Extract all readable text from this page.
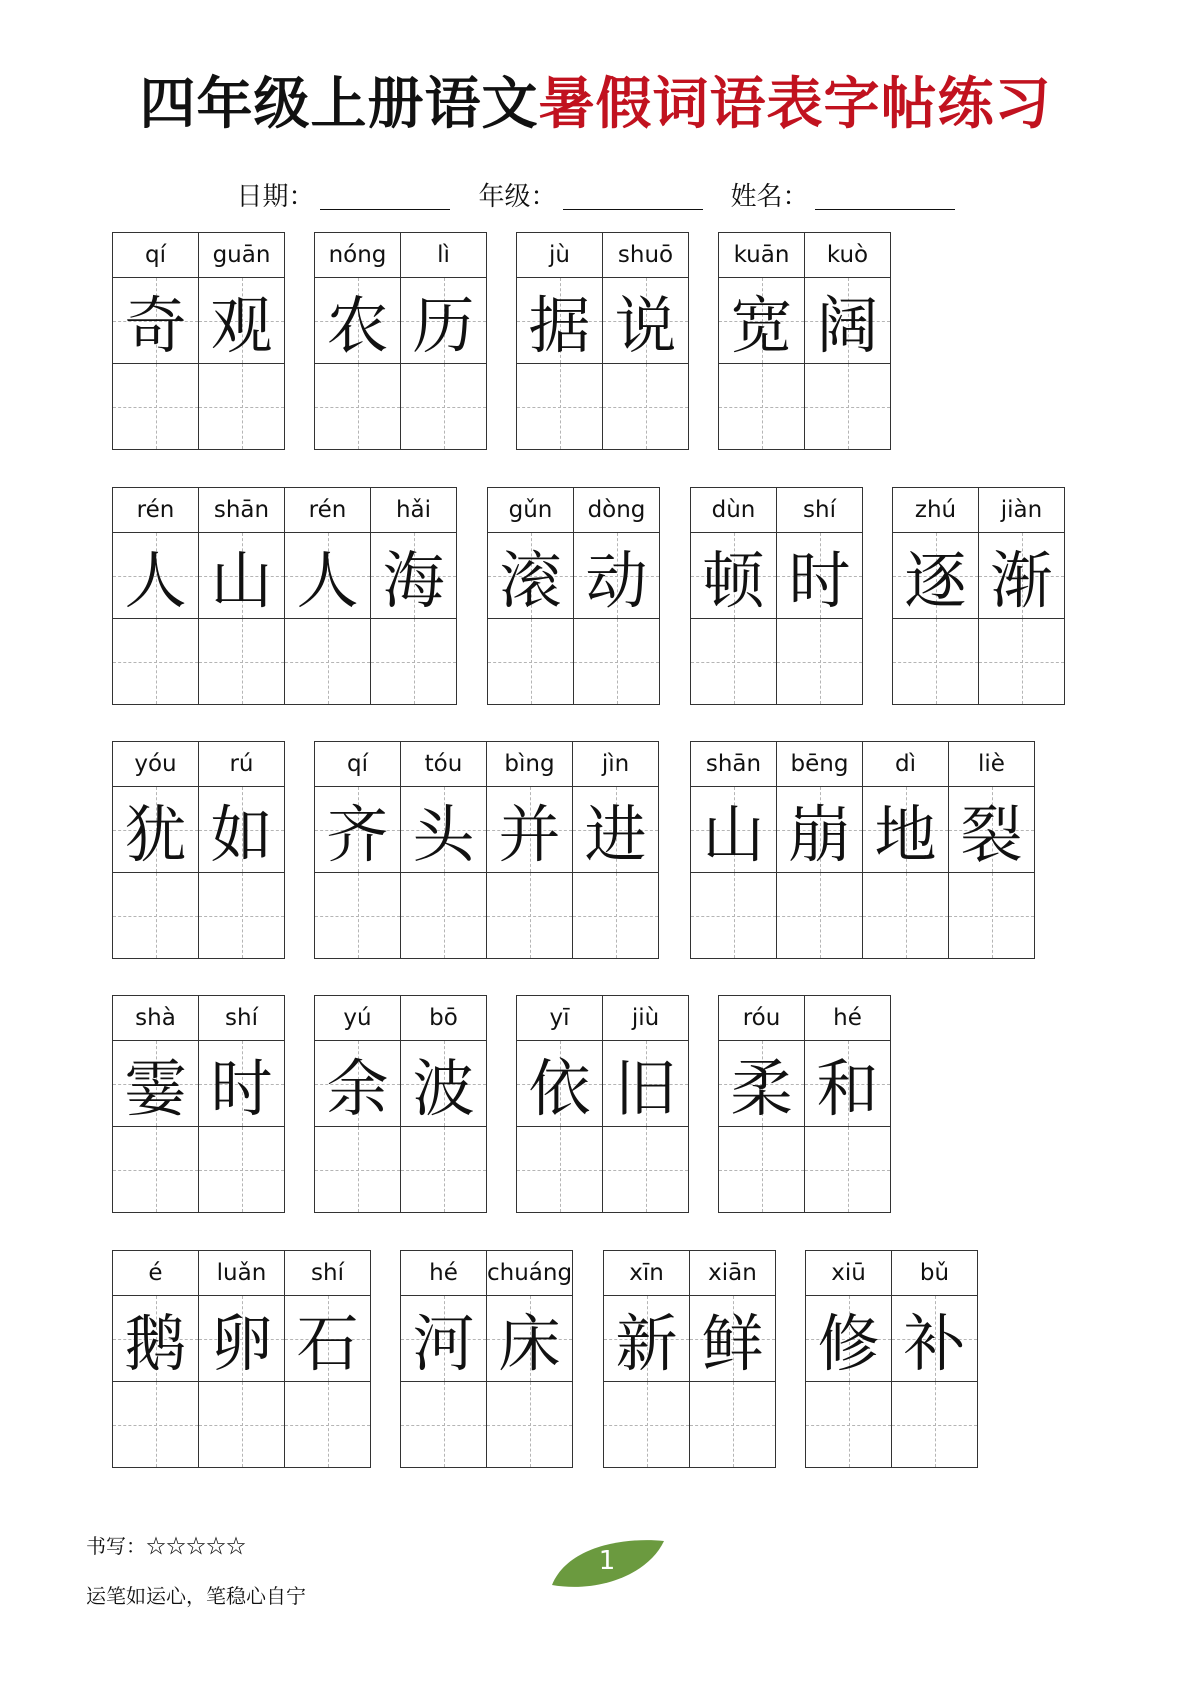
四年级上册语文暑假词语表字帖练习
日期：	年级：	姓名：
qí
奇
guān
观
nóng
农
lì
历
jù
据
shuō
说
kuān
宽
kuò
阔
rén
人
shān
山
rén
人
hǎi
海
gǔn
滚
dòng
动
dùn
顿
shí
时
zhú
逐
jiàn
渐
yóu
犹
rú
如
qí
齐
tóu
头
bìng
并
jìn
进
shān
山
bēng
崩
dì
地
liè
裂
shà
霎
shí
时
yú
余
bō
波
yī
依
jiù
旧
róu
柔
hé
和
é
鹅
luǎn
卵
shí
石
hé
河
chuáng
床
xīn
新
xiān
鲜
xiū
修
bǔ
补
书写：☆☆☆☆☆
运笔如运心，笔稳心自宁
1
